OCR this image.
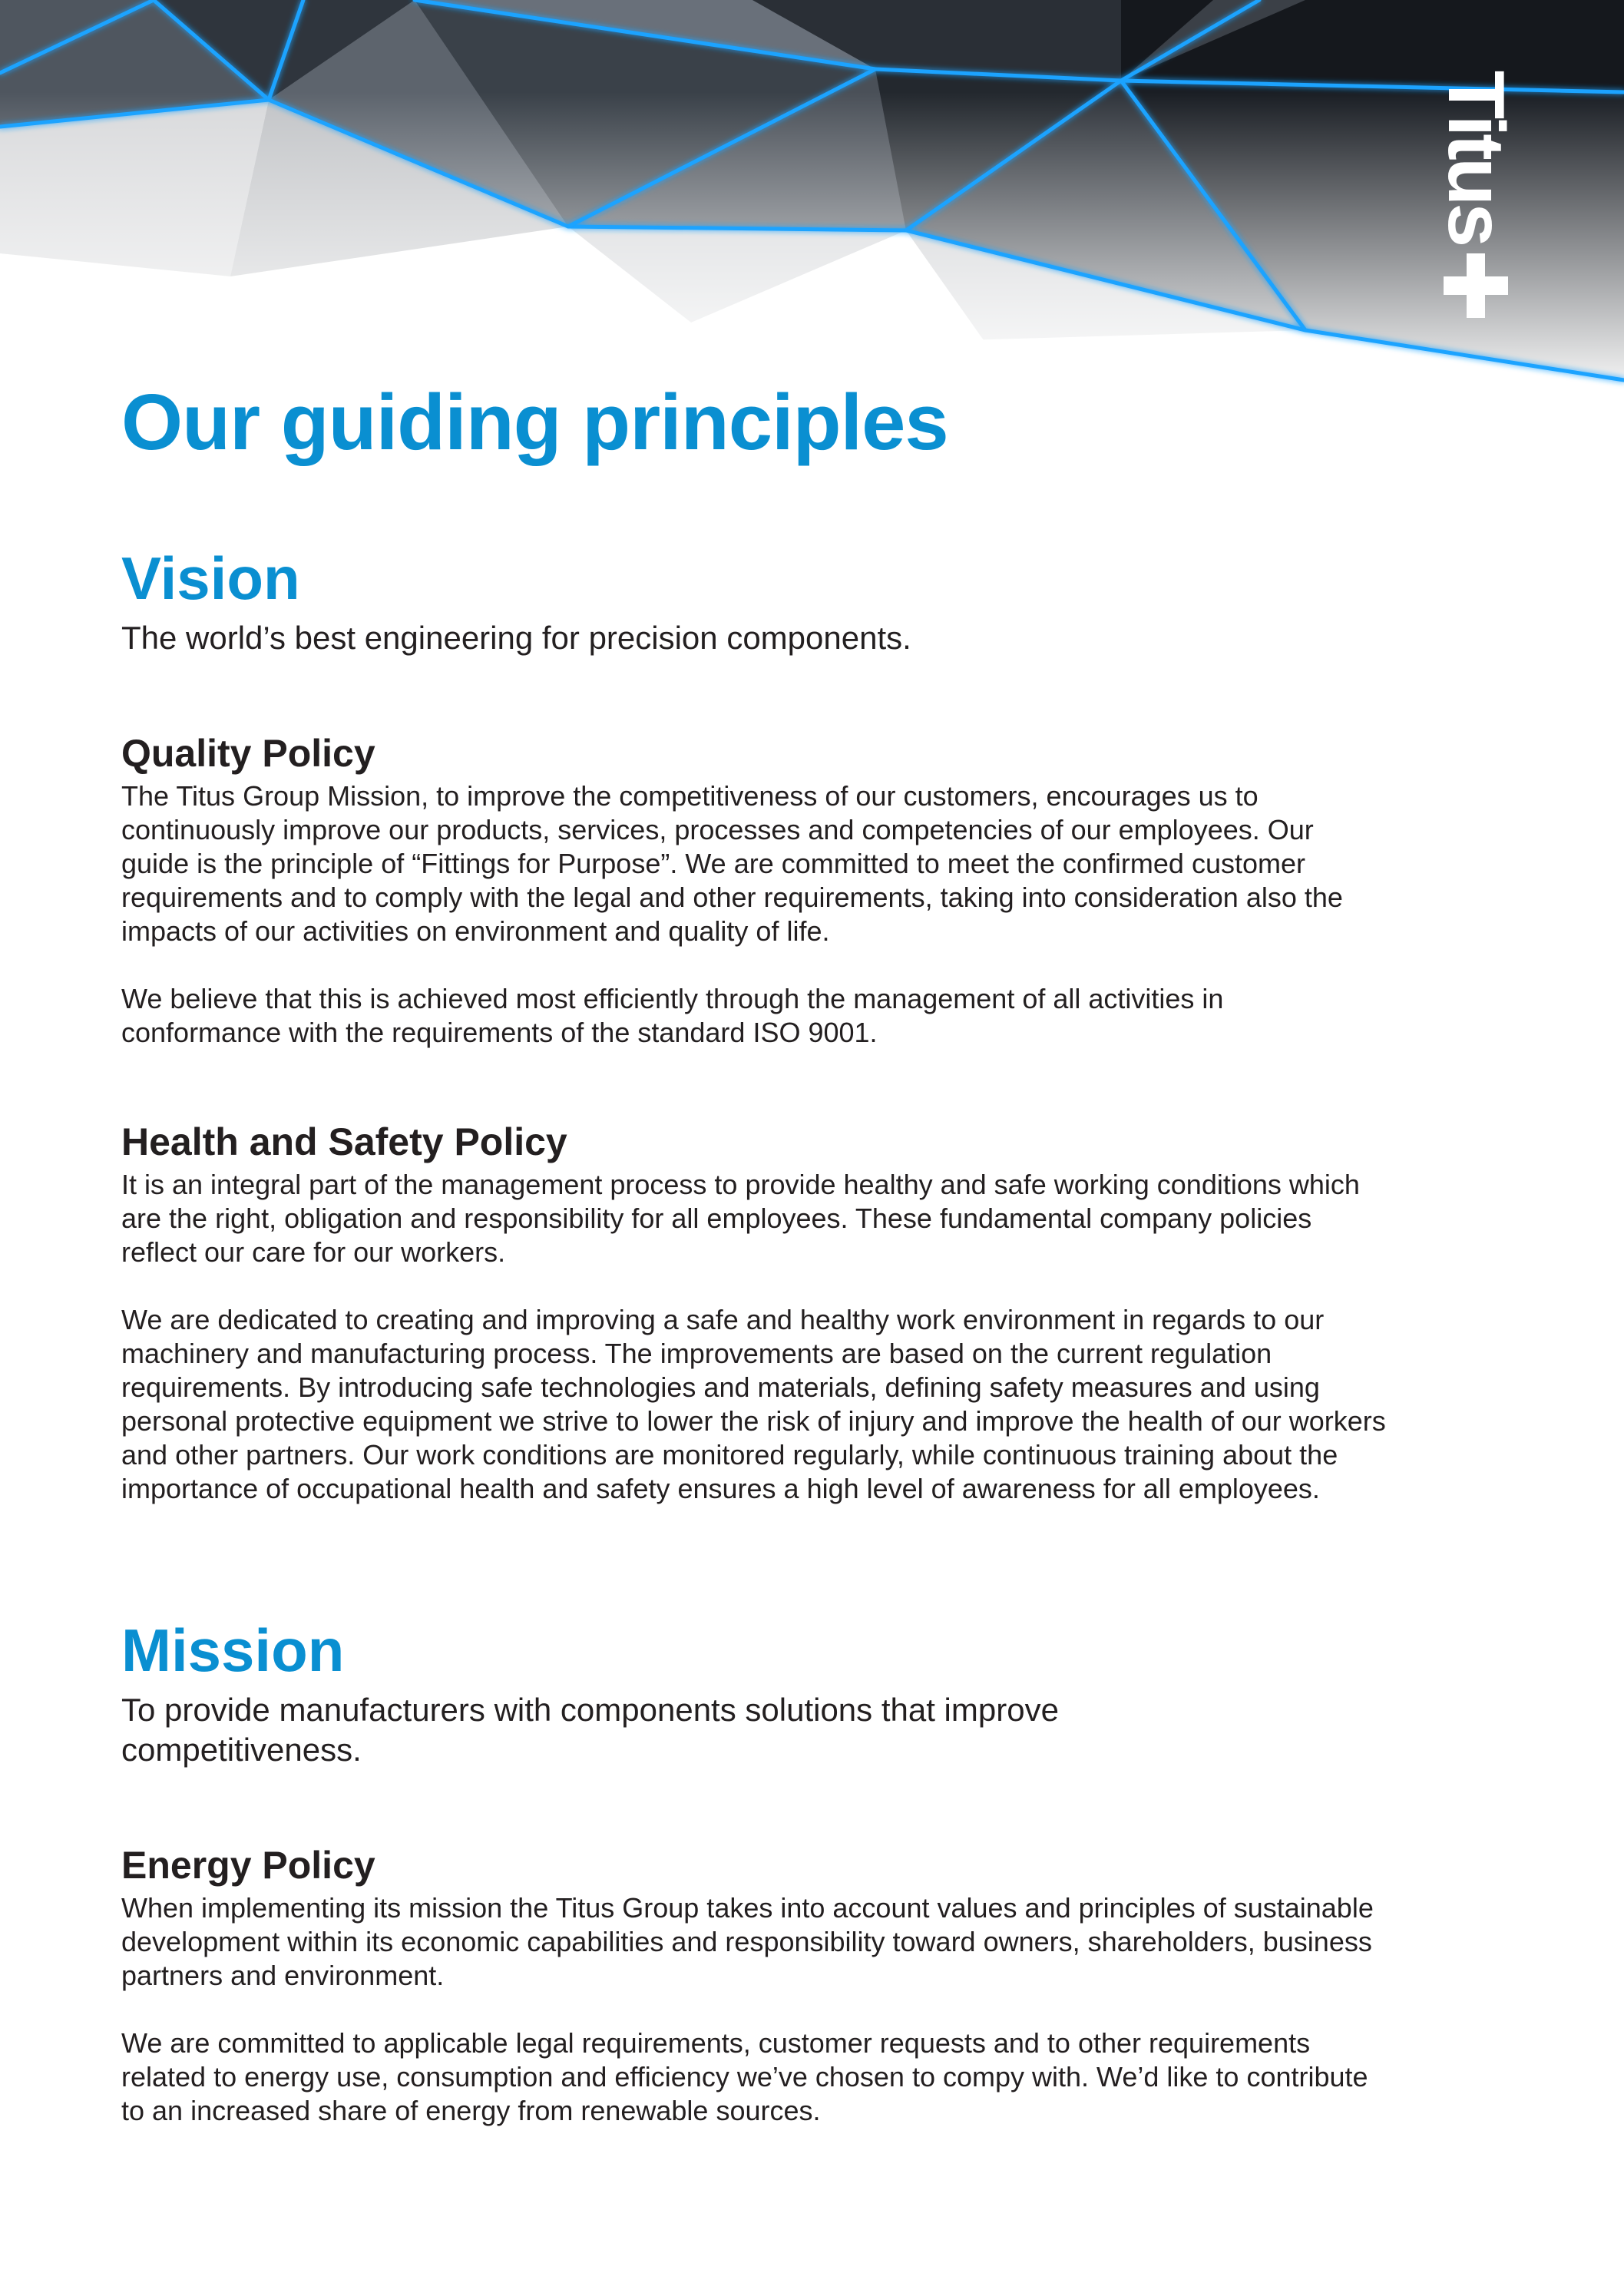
Titus
Our guiding principles
Vision

The world’s best engineering for precision components.

Quality Policy

The Titus Group Mission, to improve the competitiveness of our customers, encourages us to continuously improve our products, services, processes and competencies of our employees. Our guide is the principle of “Fittings for Purpose”. We are committed to meet the confirmed customer requirements and to comply with the legal and other requirements, taking into consideration also the impacts of our activities on environment and quality of life.

We believe that this is achieved most efficiently through the management of all activities in conformance with the requirements of the standard ISO 9001.

Health and Safety Policy

It is an integral part of the management process to provide healthy and safe working conditions which are the right, obligation and responsibility for all employees. These fundamental company policies reflect our care for our workers.

We are dedicated to creating and improving a safe and healthy work environment in regards to our machinery and manufacturing process. The improvements are based on the current regulation requirements. By introducing safe technologies and materials, defining safety measures and using personal protective equipment we strive to lower the risk of injury and improve the health of our workers and other partners. Our work conditions are monitored regularly, while continuous training about the importance of occupational health and safety ensures a high level of awareness for all employees.

Mission

To provide manufacturers with components solutions that improve competitiveness.

Energy Policy

When implementing its mission the Titus Group takes into account values and principles of sustainable development within its economic capabilities and responsibility toward owners, shareholders, business partners and environment.

We are committed to applicable legal requirements, customer requests and to other requirements related to energy use, consumption and efficiency we’ve chosen to compy with. We’d like to contribute to an increased share of energy from renewable sources.
